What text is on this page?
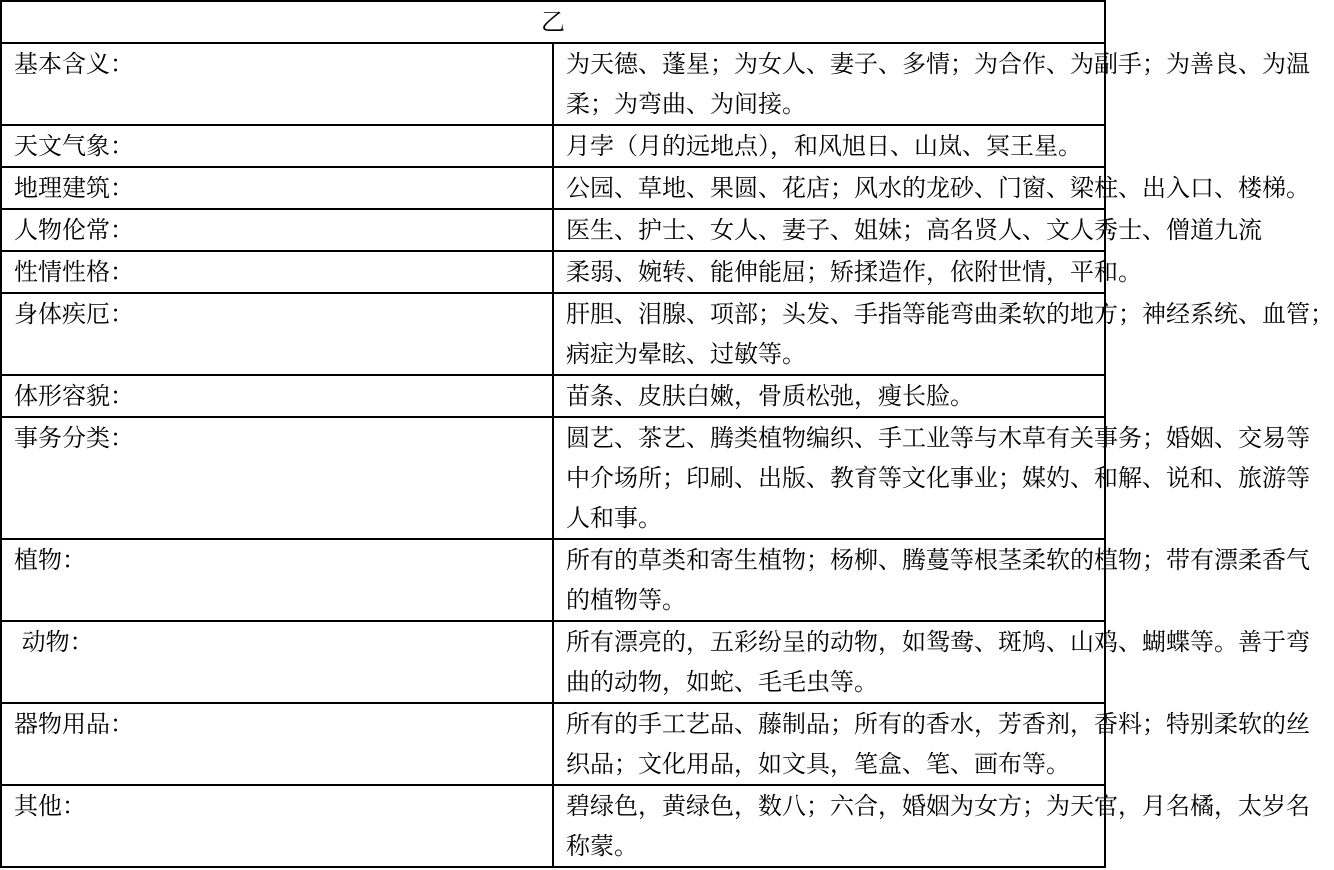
乙	
基本含义：	为天德、蓬星；为女人、妻子、多情；为合作、为副手；为善良、为温
柔；为弯曲、为间接。

天文气象：	月孛（月的远地点），和风旭日、山岚、冥王星。

地理建筑：	公园、草地、果圆、花店；风水的龙砂、门窗、梁柱、出入口、楼梯。

人物伦常：	医生、护士、女人、妻子、姐妹；高名贤人、文人秀士、僧道九流

性情性格：	柔弱、婉转、能伸能屈；矫揉造作，依附世情，平和。

身体疾厄：	肝胆、泪腺、项部；头发、手指等能弯曲柔软的地方；神经系统、血管；
病症为晕眩、过敏等。

体形容貌：	苗条、皮肤白嫩，骨质松弛，瘦长脸。

事务分类：	圆艺、茶艺、腾类植物编织、手工业等与木草有关事务；婚姻、交易等
中介场所；印刷、出版、教育等文化事业；媒妁、和解、说和、旅游等
人和事。

植物：	所有的草类和寄生植物；杨柳、腾蔓等根茎柔软的植物；带有漂柔香气
的植物等。

动物：	所有漂亮的，五彩纷呈的动物，如鸳鸯、斑鸠、山鸡、蝴蝶等。善于弯
曲的动物，如蛇、毛毛虫等。

器物用品：	所有的手工艺品、藤制品；所有的香水，芳香剂，香料；特别柔软的丝
织品；文化用品，如文具，笔盒、笔、画布等。

其他：	碧绿色，黄绿色，数八；六合，婚姻为女方；为天官，月名橘，太岁名
称蒙。
